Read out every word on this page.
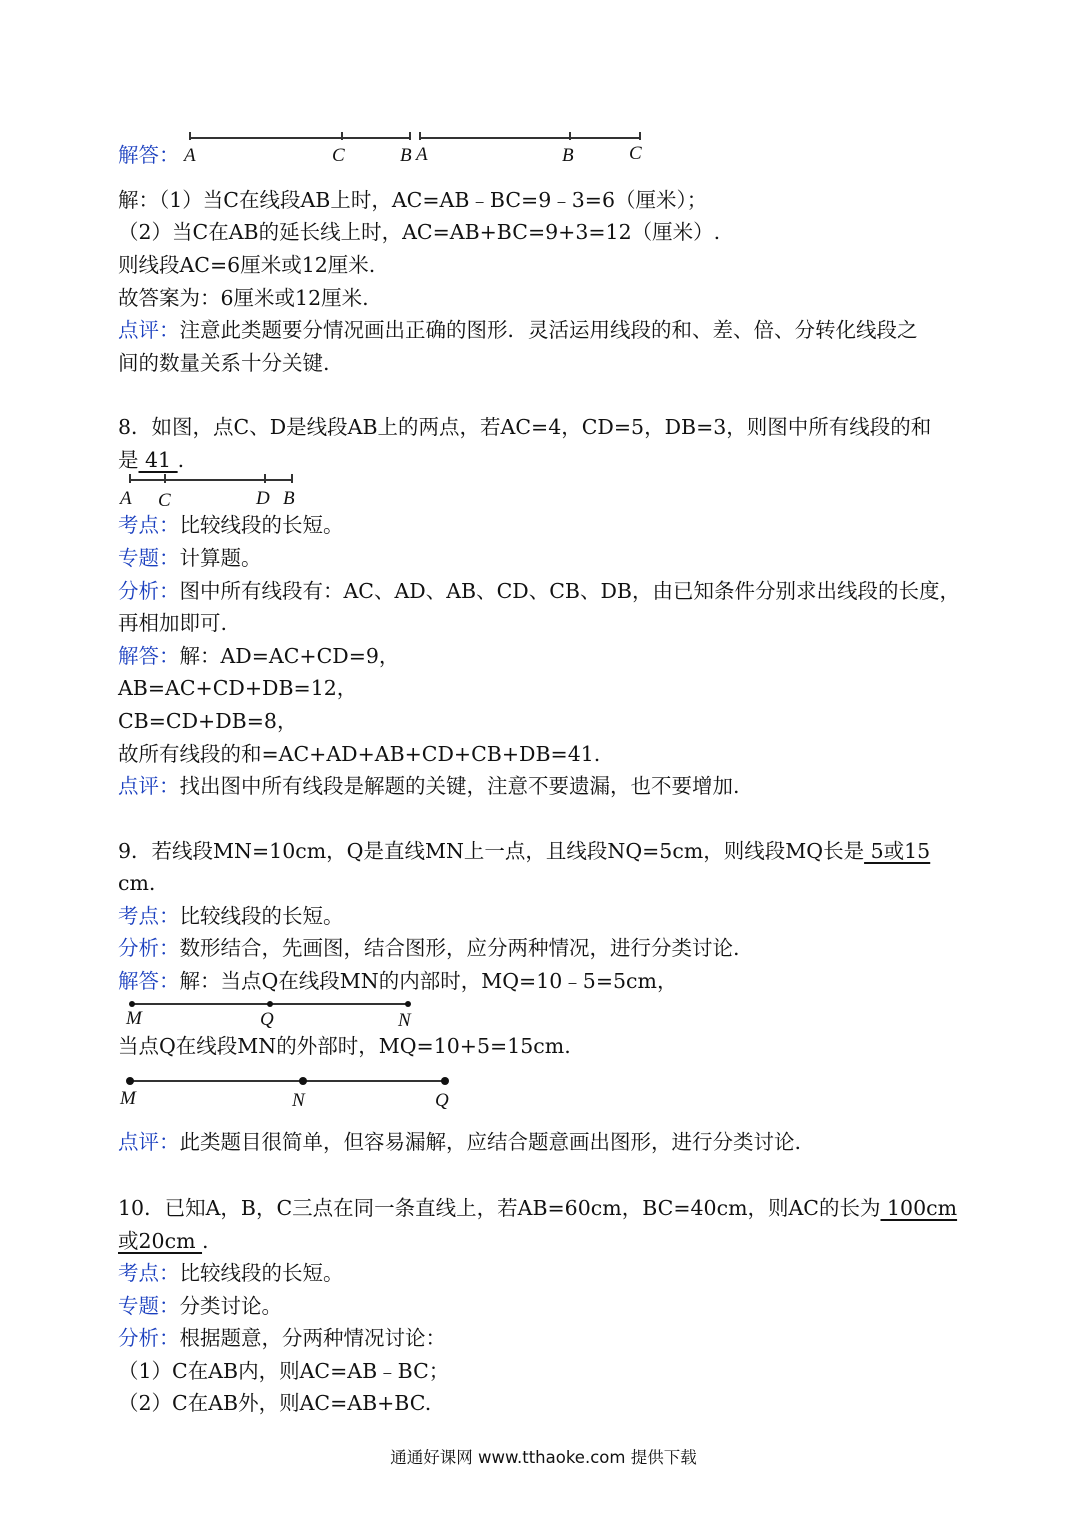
解答： A	C	B A	B	C
解：（1）当C在线段AB上时，AC=AB﹣BC=9﹣3=6（厘米）；
（2）当C在AB的延长线上时，AC=AB+BC=9+3=12（厘米）.
则线段AC=6厘米或12厘米.
故答案为：6厘米或12厘米.
点评：注意此类题要分情况画出正确的图形．灵活运用线段的和、差、倍、分转化线段之
间的数量关系十分关键.
8．如图，点C、D是线段AB上的两点，若AC=4，CD=5，DB=3，则图中所有线段的和
是 41 .
A C	D B
考点：比较线段的长短。
专题：计算题。
分析：图中所有线段有：AC、AD、AB、CD、CB、DB，由已知条件分别求出线段的长度，
再相加即可.
解答：解：AD=AC+CD=9，
AB=AC+CD+DB=12，
CB=CD+DB=8，
故所有线段的和=AC+AD+AB+CD+CB+DB=41.
点评：找出图中所有线段是解题的关键，注意不要遗漏，也不要增加.
9．若线段MN=10cm，Q是直线MN上一点，且线段NQ=5cm，则线段MQ长是 5或15
cm.
考点：比较线段的长短。
分析：数形结合，先画图，结合图形，应分两种情况，进行分类讨论.
解答：解：当点Q在线段MN的内部时，MQ=10﹣5=5cm，
M	Q	N
当点Q在线段MN的外部时，MQ=10+5=15cm.
M	N	Q
点评：此类题目很简单，但容易漏解，应结合题意画出图形，进行分类讨论.
10．已知A，B，C三点在同一条直线上，若AB=60cm，BC=40cm，则AC的长为 100cm
或20cm .
考点：比较线段的长短。
专题：分类讨论。
分析：根据题意，分两种情况讨论：
（1）C在AB内，则AC=AB﹣BC；
（2）C在AB外，则AC=AB+BC.
通通好课网 www.tthaoke.com 提供下载
